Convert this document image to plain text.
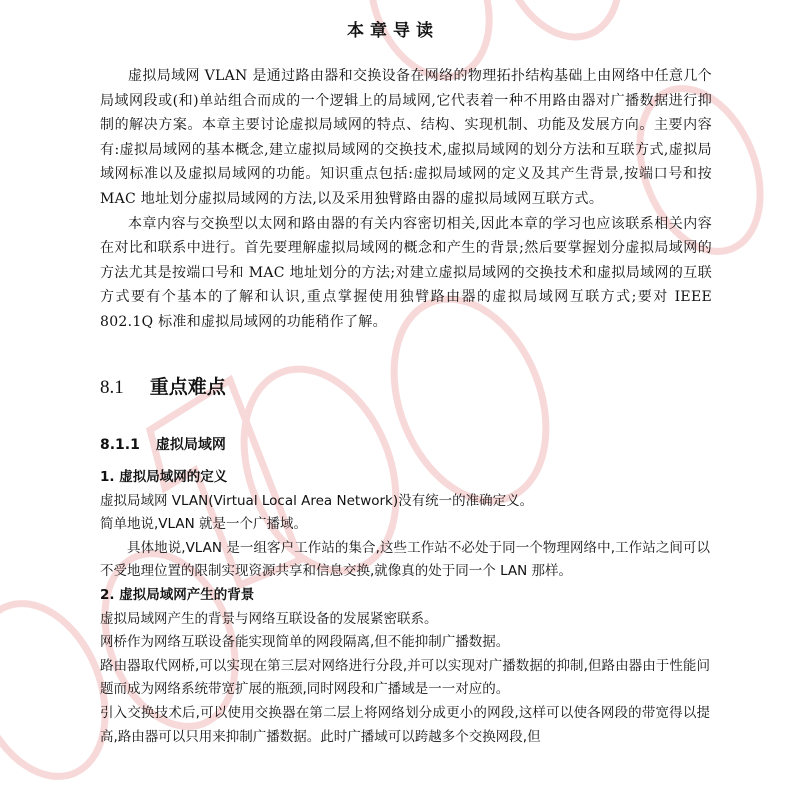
本章导读

虚拟局域网 VLAN 是通过路由器和交换设备在网络的物理拓扑结构基础上由网络中任意几个局域网段或(和)单站组合而成的一个逻辑上的局域网,它代表着一种不用路由器对广播数据进行抑制的解决方案。本章主要讨论虚拟局域网的特点、结构、实现机制、功能及发展方向。主要内容有:虚拟局域网的基本概念,建立虚拟局域网的交换技术,虚拟局域网的划分方法和互联方式,虚拟局域网标准以及虚拟局域网的功能。知识重点包括:虚拟局域网的定义及其产生背景,按端口号和按 MAC 地址划分虚拟局域网的方法,以及采用独臂路由器的虚拟局域网互联方式。

本章内容与交换型以太网和路由器的有关内容密切相关,因此本章的学习也应该联系相关内容在对比和联系中进行。首先要理解虚拟局域网的概念和产生的背景;然后要掌握划分虚拟局域网的方法尤其是按端口号和 MAC 地址划分的方法;对建立虚拟局域网的交换技术和虚拟局域网的互联方式要有个基本的了解和认识,重点掌握使用独臂路由器的虚拟局域网互联方式;要对 IEEE 802.1Q 标准和虚拟局域网的功能稍作了解。

8.1 重点难点
8.1.1 虚拟局域网
1. 虚拟局域网的定义

虚拟局域网 VLAN(Virtual Local Area Network)没有统一的准确定义。

简单地说,VLAN 就是一个广播域。

具体地说,VLAN 是一组客户工作站的集合,这些工作站不必处于同一个物理网络中,工作站之间可以不受地理位置的限制实现资源共享和信息交换,就像真的处于同一个 LAN 那样。

2. 虚拟局域网产生的背景

虚拟局域网产生的背景与网络互联设备的发展紧密联系。

网桥作为网络互联设备能实现简单的网段隔离,但不能抑制广播数据。

路由器取代网桥,可以实现在第三层对网络进行分段,并可以实现对广播数据的抑制,但路由器由于性能问题而成为网络系统带宽扩展的瓶颈,同时网段和广播域是一一对应的。

引入交换技术后,可以使用交换器在第二层上将网络划分成更小的网段,这样可以使各网段的带宽得以提高,路由器可以只用来抑制广播数据。此时广播域可以跨越多个交换网段,但
